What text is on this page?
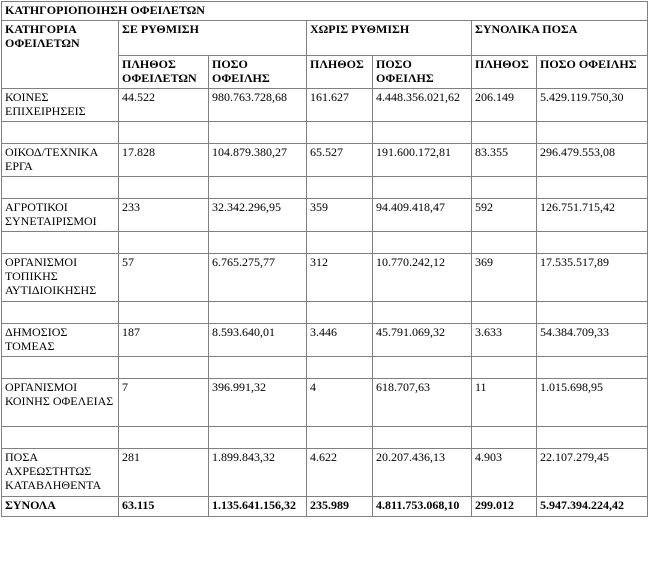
ΚΑΤΗΓΟΡΙΟΠΟΙΗΣΗ ΟΦΕΙΛΕΤΩΝ						
ΚΑΤΗΓΟΡΙΑ ΟΦΕΙΛΕΤΩΝ	ΣΕ ΡΥΘΜΙΣΗ		ΧΩΡΙΣ ΡΥΘΜΙΣΗ		ΣΥΝΟΛΙΚΑ ΠΟΣΑ	
	ΠΛΗΘΟΣ ΟΦΕΙΛΕΤΩΝ	ΠΟΣΟ ΟΦΕΙΛΗΣ	ΠΛΗΘΟΣ	ΠΟΣΟ ΟΦΕΙΛΗΣ	ΠΛΗΘΟΣ	ΠΟΣΟ ΟΦΕΙΛΗΣ
ΚΟΙΝΕΣ ΕΠΙΧΕΙΡΗΣΕΙΣ	44.522	980.763.728,68	161.627	4.448.356.021,62	206.149	5.429.119.750,30

ΟΙΚΟΔ/ΤΕΧΝΙΚΑ ΕΡΓΑ	17.828	104.879.380,27	65.527	191.600.172,81	83.355	296.479.553,08

ΑΓΡΟΤΙΚΟΙ ΣΥΝΕΤΑΙΡΙΣΜΟΙ	233	32.342.296,95	359	94.409.418,47	592	126.751.715,42

ΟΡΓΑΝΙΣΜΟΙ ΤΟΠΙΚΗΣ ΑΥΤΙΔΙΟΙΚΗΣΗΣ	57	6.765.275,77	312	10.770.242,12	369	17.535.517,89

ΔΗΜΟΣΙΟΣ ΤΟΜΕΑΣ	187	8.593.640,01	3.446	45.791.069,32	3.633	54.384.709,33

ΟΡΓΑΝΙΣΜΟΙ ΚΟΙΝΗΣ ΟΦΕΛΕΙΑΣ	7	396.991,32	4	618.707,63	11	1.015.698,95

ΠΟΣΑ ΑΧΡΕΩΣΤΗΤΩΣ ΚΑΤΑΒΛΗΘΕΝΤΑ	281	1.899.843,32	4.622	20.207.436,13	4.903	22.107.279,45
ΣΥΝΟΛΑ	63.115	1.135.641.156,32	235.989	4.811.753.068,10	299.012	5.947.394.224,42
